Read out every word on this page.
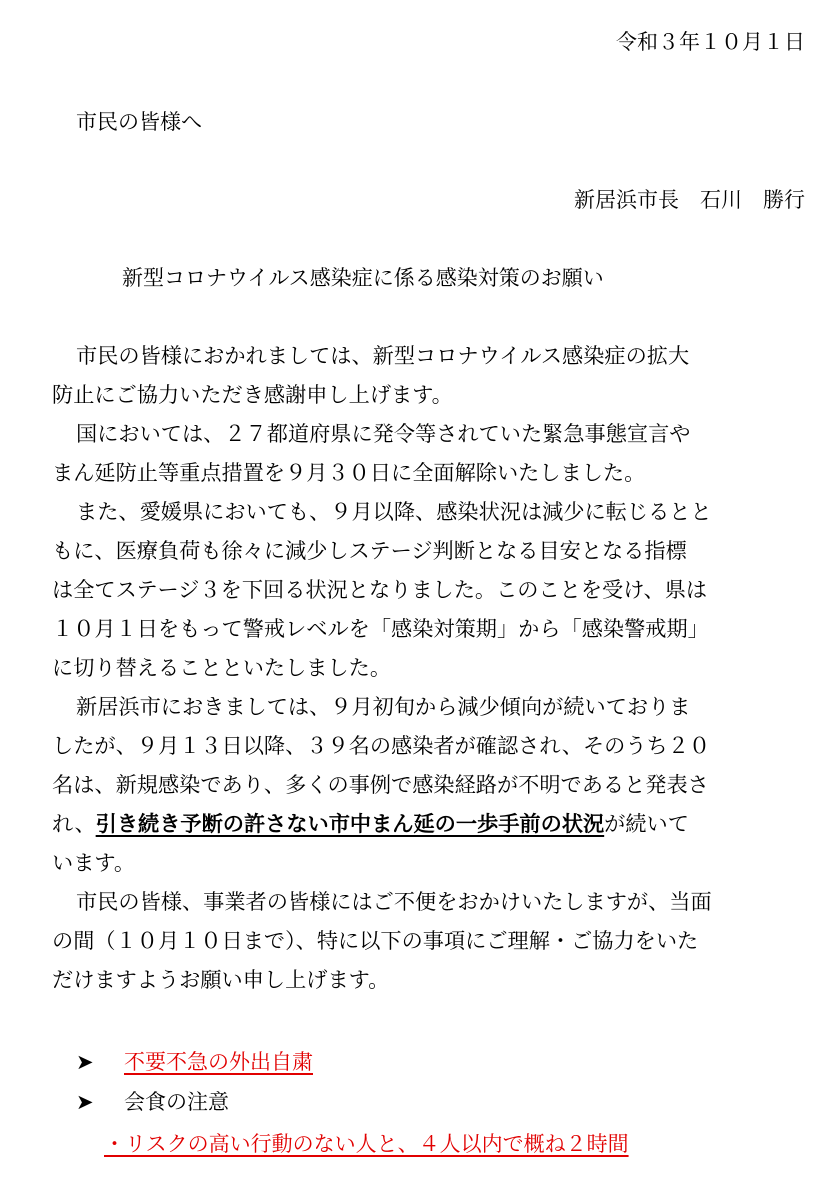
令和３年１０月１日
市民の皆様へ
新居浜市長　石川　勝行
新型コロナウイルス感染症に係る感染対策のお願い
市民の皆様におかれましては、新型コロナウイルス感染症の拡大
防止にご協力いただき感謝申し上げます。
国においては、２７都道府県に発令等されていた緊急事態宣言や
まん延防止等重点措置を９月３０日に全面解除いたしました。
また、愛媛県においても、９月以降、感染状況は減少に転じるとと
もに、医療負荷も徐々に減少しステージ判断となる目安となる指標
は全てステージ３を下回る状況となりました。このことを受け、県は
１０月１日をもって警戒レベルを「感染対策期」から「感染警戒期」
に切り替えることといたしました。
新居浜市におきましては、９月初旬から減少傾向が続いておりま
したが、９月１３日以降、３９名の感染者が確認され、そのうち２０
名は、新規感染であり、多くの事例で感染経路が不明であると発表さ
れ、引き続き予断の許さない市中まん延の一歩手前の状況が続いて
います。
市民の皆様、事業者の皆様にはご不便をおかけいたしますが、当面
の間（１０月１０日まで）、特に以下の事項にご理解・ご協力をいた
だけますようお願い申し上げます。
➤ 不要不急の外出自粛
➤ 会食の注意
・リスクの高い行動のない人と、４人以内で概ね２時間
